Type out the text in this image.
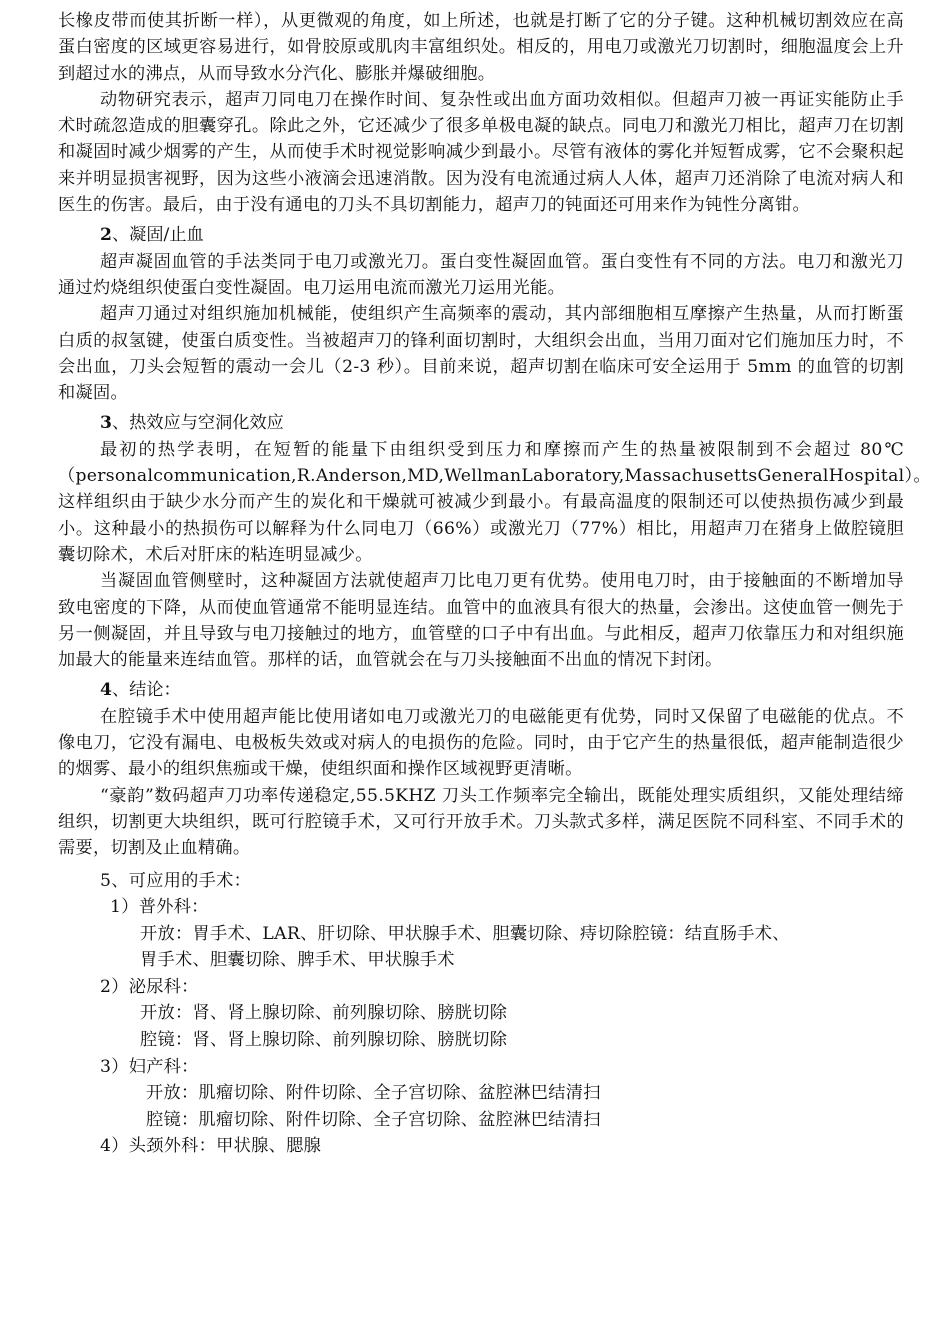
长橡皮带而使其折断一样），从更微观的角度，如上所述，也就是打断了它的分子键。这种机械切割效应在高蛋白密度的区域更容易进行，如骨胶原或肌肉丰富组织处。相反的，用电刀或激光刀切割时，细胞温度会上升到超过水的沸点，从而导致水分汽化、膨胀并爆破细胞。

动物研究表示，超声刀同电刀在操作时间、复杂性或出血方面功效相似。但超声刀被一再证实能防止手术时疏忽造成的胆囊穿孔。除此之外，它还减少了很多单极电凝的缺点。同电刀和激光刀相比，超声刀在切割和凝固时减少烟雾的产生，从而使手术时视觉影响减少到最小。尽管有液体的雾化并短暂成雾，它不会聚积起来并明显损害视野，因为这些小液滴会迅速消散。因为没有电流通过病人人体，超声刀还消除了电流对病人和医生的伤害。最后，由于没有通电的刀头不具切割能力，超声刀的钝面还可用来作为钝性分离钳。

2、凝固/止血

超声凝固血管的手法类同于电刀或激光刀。蛋白变性凝固血管。蛋白变性有不同的方法。电刀和激光刀通过灼烧组织使蛋白变性凝固。电刀运用电流而激光刀运用光能。

超声刀通过对组织施加机械能，使组织产生高频率的震动，其内部细胞相互摩擦产生热量，从而打断蛋白质的叔氢键，使蛋白质变性。当被超声刀的锋利面切割时，大组织会出血，当用刀面对它们施加压力时，不会出血，刀头会短暂的震动一会儿（2-3 秒）。目前来说，超声切割在临床可安全运用于 5mm 的血管的切割和凝固。

3、热效应与空洞化效应

最初的热学表明，在短暂的能量下由组织受到压力和摩擦而产生的热量被限制到不会超过 80℃（personalcommunication,R.Anderson,MD,WellmanLaboratory,MassachusettsGeneralHospital）。这样组织由于缺少水分而产生的炭化和干燥就可被减少到最小。有最高温度的限制还可以使热损伤减少到最小。这种最小的热损伤可以解释为什么同电刀（66%）或激光刀（77%）相比，用超声刀在猪身上做腔镜胆囊切除术，术后对肝床的粘连明显减少。

当凝固血管侧壁时，这种凝固方法就使超声刀比电刀更有优势。使用电刀时，由于接触面的不断增加导致电密度的下降，从而使血管通常不能明显连结。血管中的血液具有很大的热量，会渗出。这使血管一侧先于另一侧凝固，并且导致与电刀接触过的地方，血管壁的口子中有出血。与此相反，超声刀依靠压力和对组织施加最大的能量来连结血管。那样的话，血管就会在与刀头接触面不出血的情况下封闭。

4、结论：

在腔镜手术中使用超声能比使用诸如电刀或激光刀的电磁能更有优势，同时又保留了电磁能的优点。不像电刀，它没有漏电、电极板失效或对病人的电损伤的危险。同时，由于它产生的热量很低，超声能制造很少的烟雾、最小的组织焦痂或干燥，使组织面和操作区域视野更清晰。

“豪韵”数码超声刀功率传递稳定,55.5KHZ 刀头工作频率完全输出，既能处理实质组织，又能处理结缔组织，切割更大块组织，既可行腔镜手术，又可行开放手术。刀头款式多样，满足医院不同科室、不同手术的需要，切割及止血精确。

5、可应用的手术：

1）普外科：

开放：胃手术、LAR、肝切除、甲状腺手术、胆囊切除、痔切除腔镜：结直肠手术、

胃手术、胆囊切除、脾手术、甲状腺手术

2）泌尿科：

开放：肾、肾上腺切除、前列腺切除、膀胱切除

腔镜：肾、肾上腺切除、前列腺切除、膀胱切除

3）妇产科：

开放：肌瘤切除、附件切除、全子宫切除、盆腔淋巴结清扫

腔镜：肌瘤切除、附件切除、全子宫切除、盆腔淋巴结清扫

4）头颈外科：甲状腺、腮腺
